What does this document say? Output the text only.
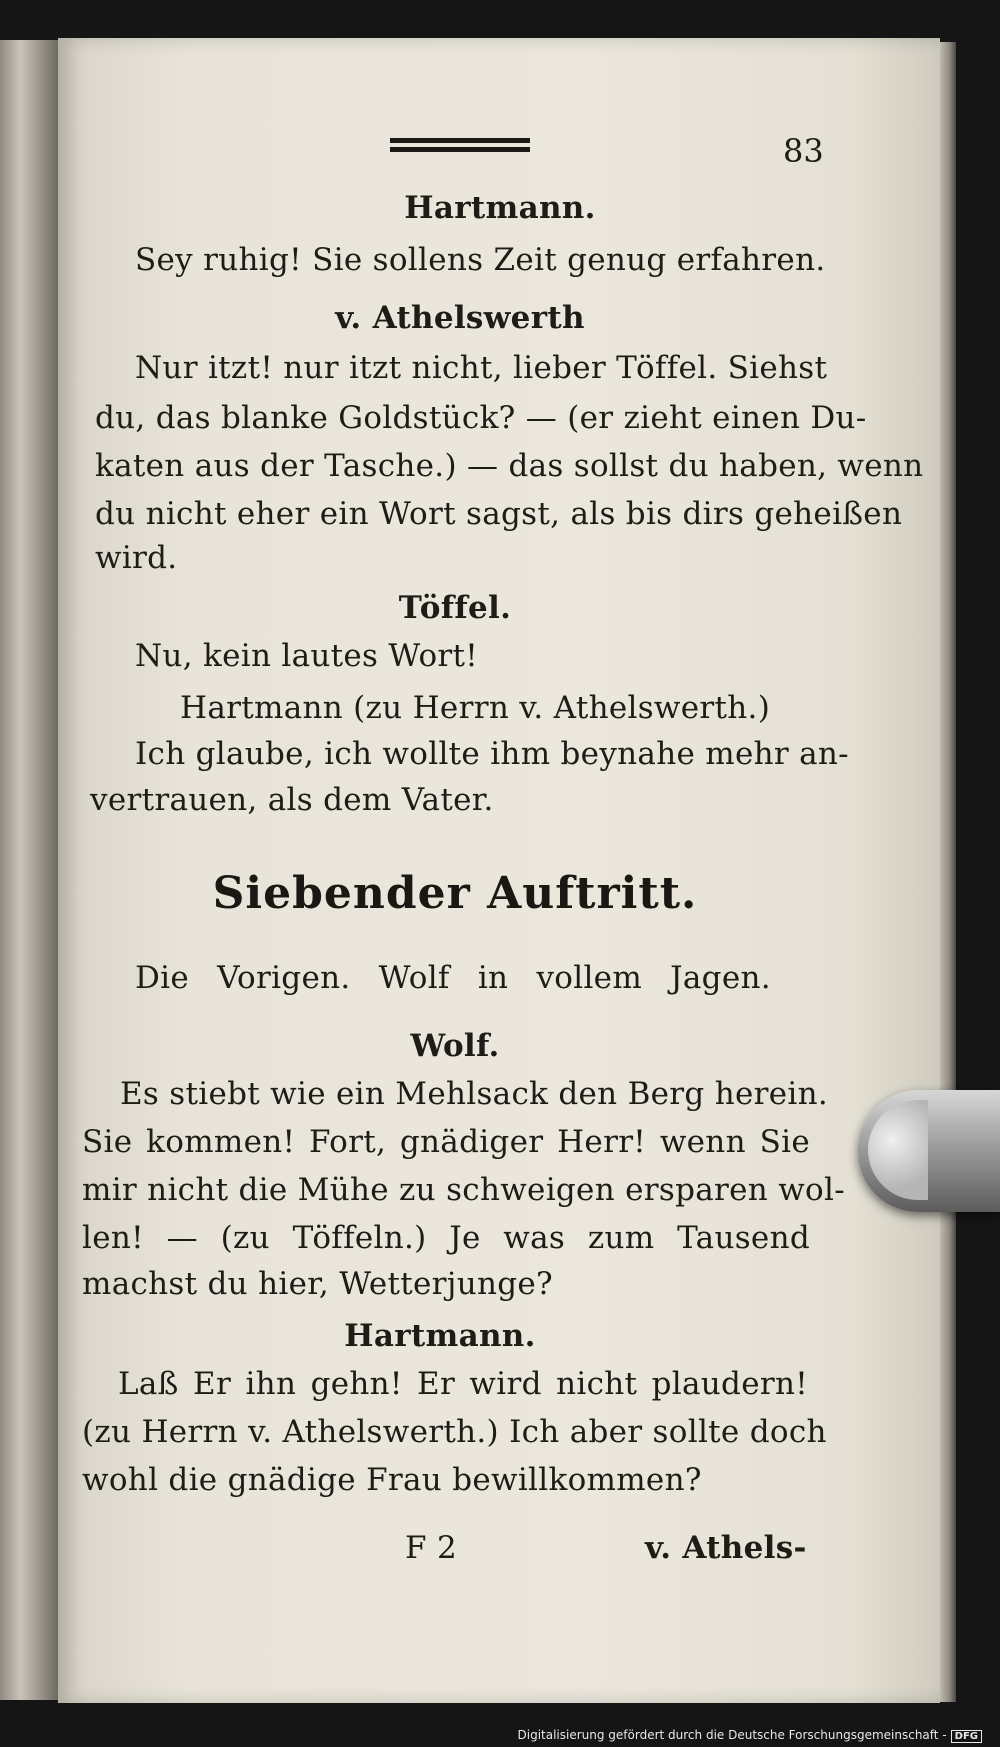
83
Hartmann.
Sey ruhig! Sie sollens Zeit genug erfahren.
v. Athelswerth
Nur itzt! nur itzt nicht, lieber Töffel. Siehst
du, das blanke Goldstück? — (er zieht einen Du-
katen aus der Tasche.) — das sollst du haben, wenn
du nicht eher ein Wort sagst, als bis dirs geheißen
wird.
Töffel.
Nu, kein lautes Wort!
Hartmann (zu Herrn v. Athelswerth.)
Ich glaube, ich wollte ihm beynahe mehr an-
vertrauen, als dem Vater.
Siebender Auftritt.
Die Vorigen. Wolf in vollem Jagen.
Wolf.
Es stiebt wie ein Mehlsack den Berg herein.
Sie kommen! Fort, gnädiger Herr! wenn Sie
mir nicht die Mühe zu schweigen ersparen wol-
len! — (zu Töffeln.) Je was zum Tausend
machst du hier, Wetterjunge?
Hartmann.
Laß Er ihn gehn! Er wird nicht plaudern!
(zu Herrn v. Athelswerth.) Ich aber sollte doch
wohl die gnädige Frau bewillkommen?
F 2	v. Athels-
Digitalisierung gefördert durch die Deutsche Forschungsgemeinschaft - DFG
